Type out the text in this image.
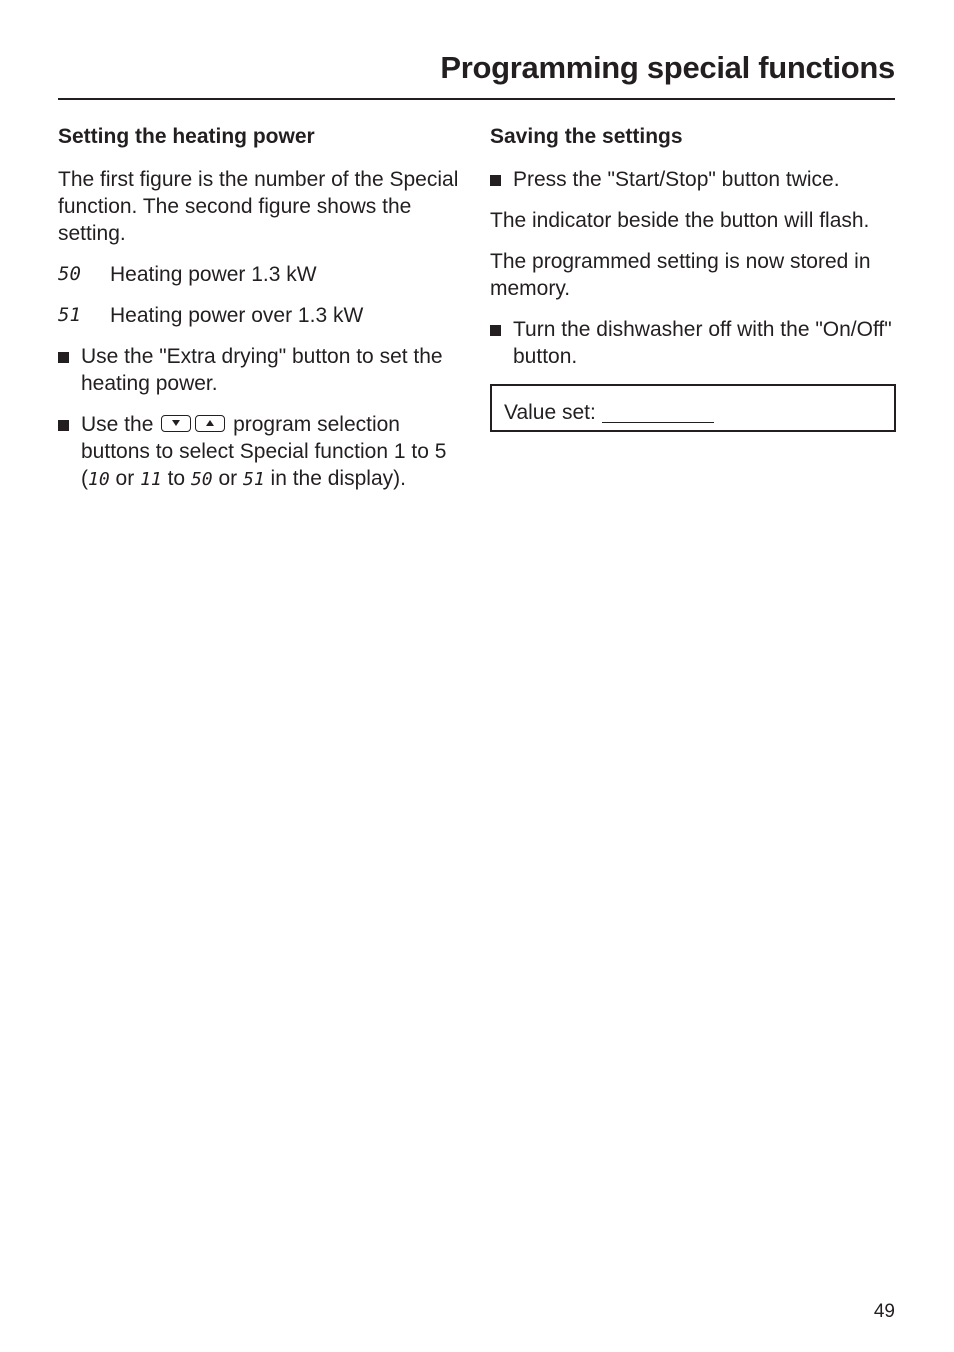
Programming special functions
Setting the heating power

The first figure is the number of the Special function. The second figure shows the setting.

50	Heating power 1.3 kW
51	Heating power over 1.3 kW
Use the "Extra drying" button to set the heating power.
Use the	program selection buttons to select Special function 1 to 5 (10 or 11 to 50 or 51 in the display).
Saving the settings
Press the "Start/Stop" button twice.

The indicator beside the button will flash.

The programmed setting is now stored in memory.

Turn the dishwasher off with the "On/Off" button.
Value set:
49
